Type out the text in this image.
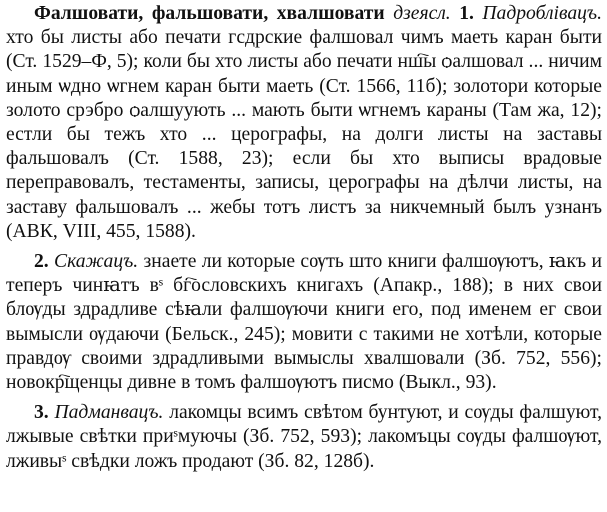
Фалшовати, фальшовати, хвалшовати дзеясл. 1. Падроблівацъ. хто бы листы або печати гсдрские фалшовал чимъ маеть каран быти (Ст. 1529–Ф, 5); коли бы хто листы або печати нш҇ы ѻалшовал ... ничим иным ѡдно ѡгнем каран быти маеть (Ст. 1566, 11б); золотори которые золото срэбро ѻалшуують ... мають быти ѡгнемъ караны (Там жа, 12); естли бы тежъ хто ... церографы, на долги листы на заставы фальшовалъ (Ст. 1588, 23); если бы хто выписы врадовые переправовалъ, тестаменты, записы, церографы на дѣлчи листы, на заставу фальшовалъ ... жебы тотъ листъ за никчемный былъ узнанъ (АВК, VIII, 455, 1588).

2. Скажацъ. знаете ли которые сѹть што книги фалшѹютъ, ꙗкъ и теперъ чинꙗтъ вˢ бг҇ословскихъ книгахъ (Апакр., 188); в них свои блѹды здрадливе сѣꙗли фалшѹючи книги его, под именем ег свои вымысли ѹдаючи (Бельск., 245); мовити с такими не хотѣли, которые правдѹ своими здрадливыми вымыслы хвалшовали (Зб. 752, 556); новокр҇щенцы дивне в томъ фалшѹютъ писмо (Выкл., 93).

3. Падманвацъ. лакомцы всимъ свѣтом бунтуют, и сѹды фалшуют, лжывые свѣтки приˢмуючы (Зб. 752, 593); лакомъцы сѹды фалшѹют, лживыˢ свѣдки ложъ продают (Зб. 82, 128б).
